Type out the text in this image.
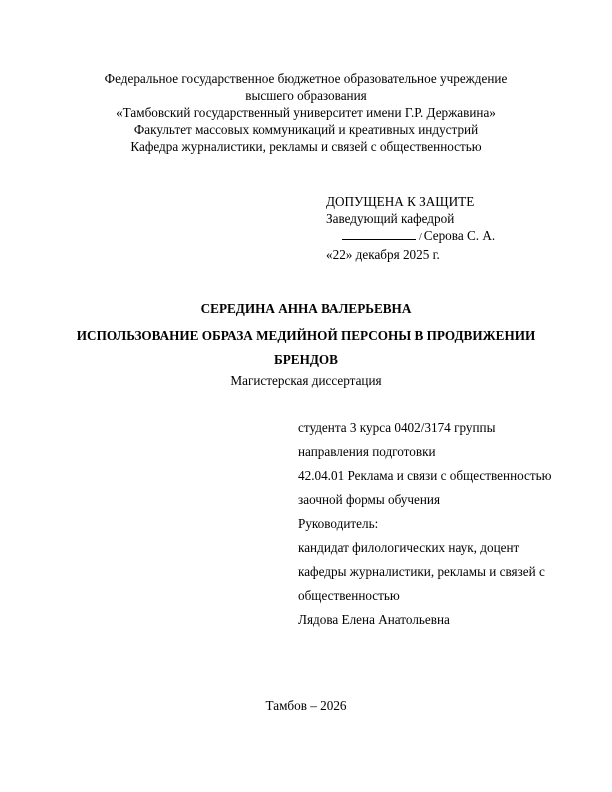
Федеральное государственное бюджетное образовательное учреждение
высшего образования
«Тамбовский государственный университет имени Г.Р. Державина»
Факультет массовых коммуникаций и креативных индустрий
Кафедра журналистики, рекламы и связей с общественностью
ДОПУЩЕНА К ЗАЩИТЕ
Заведующий кафедрой
/ Серова С. А.
«22» декабря 2025 г.
СЕРЕДИНА АННА ВАЛЕРЬЕВНА
ИСПОЛЬЗОВАНИЕ ОБРАЗА МЕДИЙНОЙ ПЕРСОНЫ В ПРОДВИЖЕНИИ БРЕНДОВ
Магистерская диссертация
студента 3 курса 0402/3174 группы
направления подготовки
42.04.01 Реклама и связи с общественностью
заочной формы обучения
Руководитель:
кандидат филологических наук, доцент
кафедры журналистики, рекламы и связей с
общественностью
Лядова Елена Анатольевна
Тамбов – 2026
